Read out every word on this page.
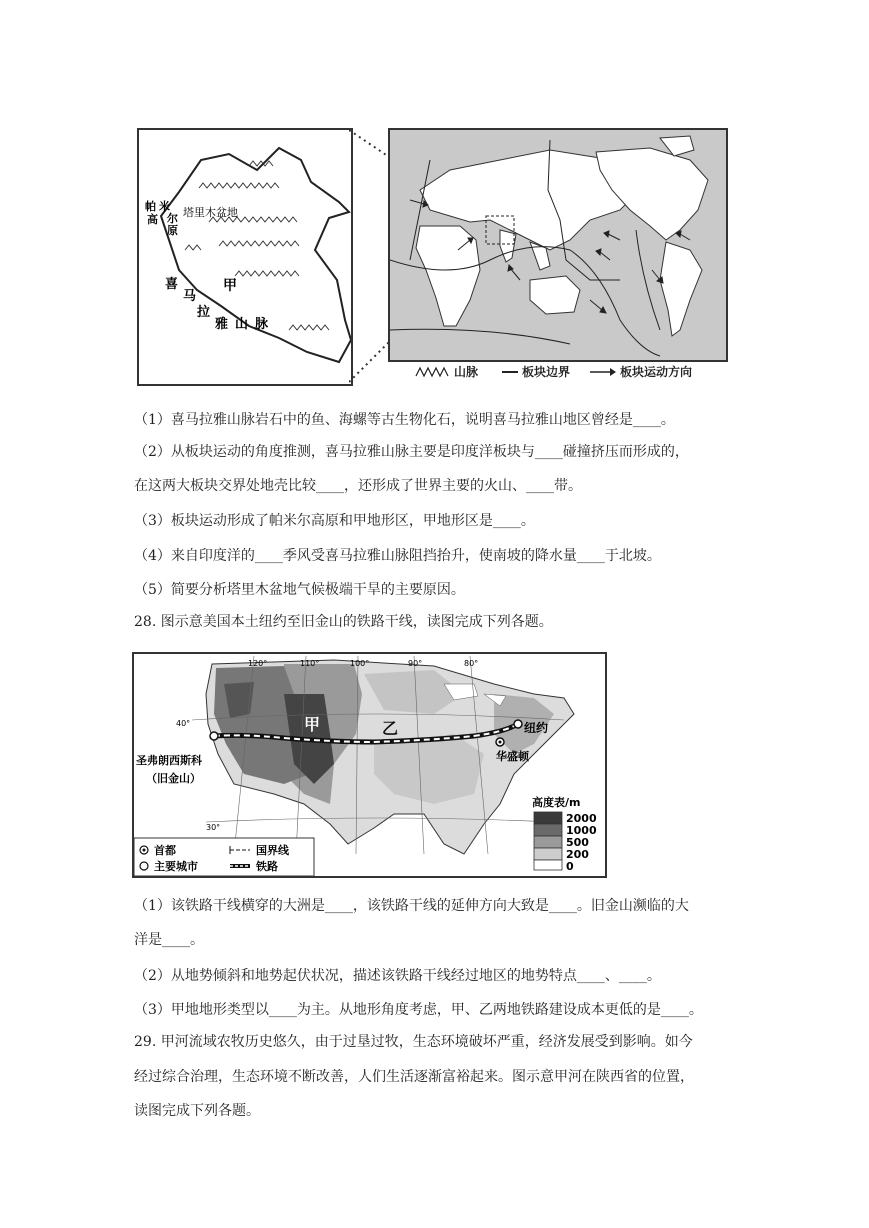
帕 米
尔
高
原
塔里木盆地
甲
喜
马
拉
雅 山 脉
山脉	板块边界	板块运动方向
（1）喜马拉雅山脉岩石中的鱼、海螺等古生物化石，说明喜马拉雅山地区曾经是____。
（2）从板块运动的角度推测，喜马拉雅山脉主要是印度洋板块与____碰撞挤压而形成的，
在这两大板块交界处地壳比较____，还形成了世界主要的火山、____带。
（3）板块运动形成了帕米尔高原和甲地形区，甲地形区是____。
（4）来自印度洋的____季风受喜马拉雅山脉阻挡抬升，使南坡的降水量____于北坡。
（5）简要分析塔里木盆地气候极端干旱的主要原因。
28. 图示意美国本土纽约至旧金山的铁路干线，读图完成下列各题。
120°	110°	100°	90°	80°
40°
30°
甲	乙	纽约
华盛顿
圣弗朗西斯科
（旧金山）
高度表/m
2000
1000
500
200
0
首都
主要城市
国界线
铁路
（1）该铁路干线横穿的大洲是____，该铁路干线的延伸方向大致是____。旧金山濒临的大
洋是____。
（2）从地势倾斜和地势起伏状况，描述该铁路干线经过地区的地势特点____、____。
（3）甲地地形类型以____为主。从地形角度考虑，甲、乙两地铁路建设成本更低的是____。
29. 甲河流域农牧历史悠久，由于过垦过牧，生态环境破坏严重，经济发展受到影响。如今
经过综合治理，生态环境不断改善，人们生活逐渐富裕起来。图示意甲河在陕西省的位置，
读图完成下列各题。
